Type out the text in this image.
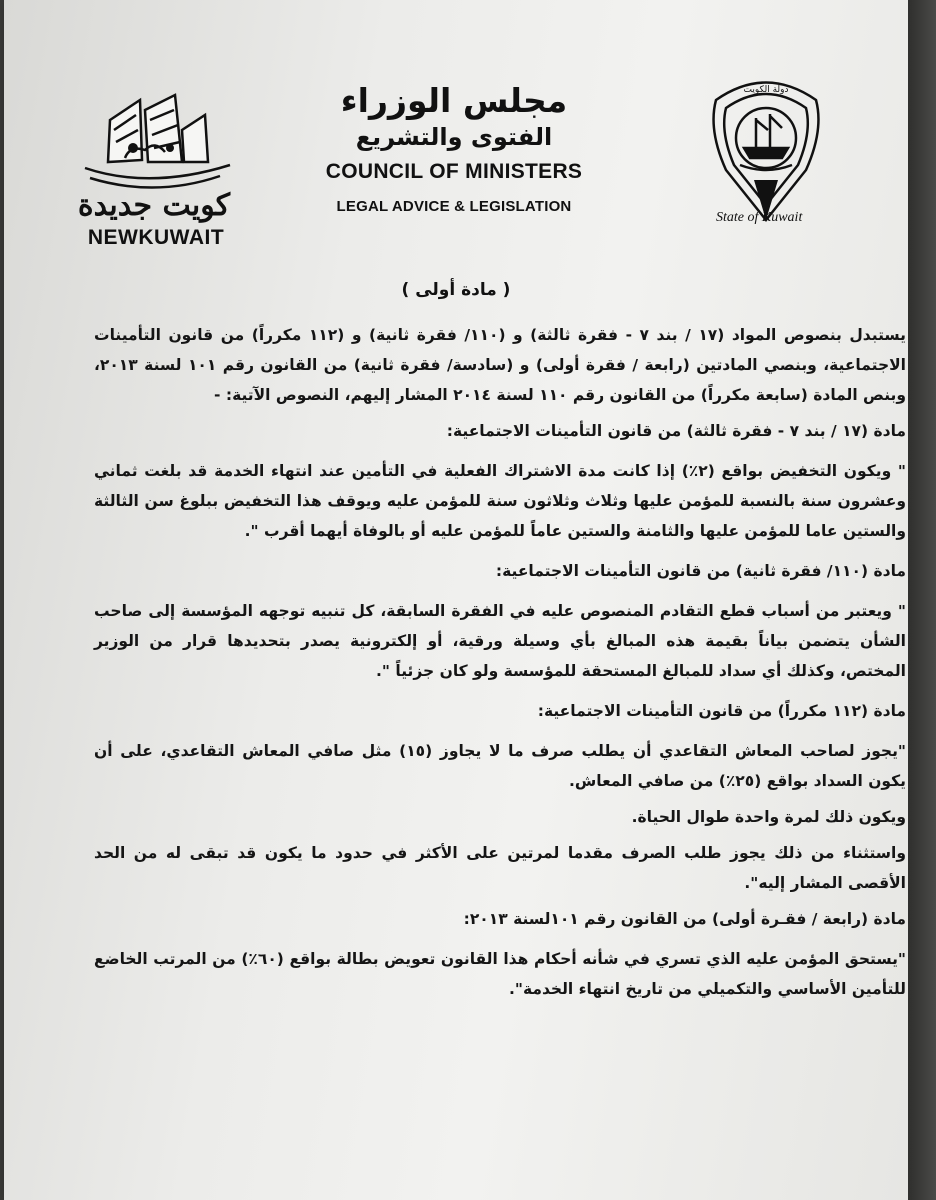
كويت جديدة
NEWKUWAIT
مجلس الوزراء
الفتوى والتشريع
COUNCIL OF MINISTERS
LEGAL ADVICE & LEGISLATION
دولة الكويت
State of Kuwait
( مادة أولى )

يستبدل بنصوص المواد (١٧ / بند ٧ - فقرة ثالثة) و (١١٠/ فقرة ثانية) و (١١٢ مكرراً) من قانون التأمينات الاجتماعية، وبنصي المادتين (رابعة / فقرة أولى) و (سادسة/ فقرة ثانية) من القانون رقم ١٠١ لسنة ٢٠١٣، وبنص المادة (سابعة مكرراً) من القانون رقم ١١٠ لسنة ٢٠١٤ المشار إليهم، النصوص الآتية: -

مادة (١٧ / بند ٧ - فقرة ثالثة) من قانون التأمينات الاجتماعية:

" ويكون التخفيض بواقع (٢٪) إذا كانت مدة الاشتراك الفعلية في التأمين عند انتهاء الخدمة قد بلغت ثماني وعشرون سنة بالنسبة للمؤمن عليها وثلاث وثلاثون سنة للمؤمن عليه ويوقف هذا التخفيض ببلوغ سن الثالثة والستين عاما للمؤمن عليها والثامنة والستين عاماً للمؤمن عليه أو بالوفاة أيهما أقرب ".

مادة (١١٠/ فقرة ثانية) من قانون التأمينات الاجتماعية:

" ويعتبر من أسباب قطع التقادم المنصوص عليه في الفقرة السابقة، كل تنبيه توجهه المؤسسة إلى صاحب الشأن يتضمن بياناً بقيمة هذه المبالغ بأي وسيلة ورقية، أو إلكترونية يصدر بتحديدها قرار من الوزير المختص، وكذلك أي سداد للمبالغ المستحقة للمؤسسة ولو كان جزئياً ".

مادة (١١٢ مكرراً) من قانون التأمينات الاجتماعية:

"يجوز لصاحب المعاش التقاعدي أن يطلب صرف ما لا يجاوز (١٥) مثل صافي المعاش التقاعدي، على أن يكون السداد بواقع (٢٥٪) من صافي المعاش.

ويكون ذلك لمرة واحدة طوال الحياة.

واستثناء من ذلك يجوز طلب الصرف مقدما لمرتين على الأكثر في حدود ما يكون قد تبقى له من الحد الأقصى المشار إليه".

مادة (رابعة / فقـرة أولى) من القانون رقم ١٠١لسنة ٢٠١٣:

"يستحق المؤمن عليه الذي تسري في شأنه أحكام هذا القانون تعويض بطالة بواقع (٦٠٪) من المرتب الخاضع للتأمين الأساسي والتكميلي من تاريخ انتهاء الخدمة".
